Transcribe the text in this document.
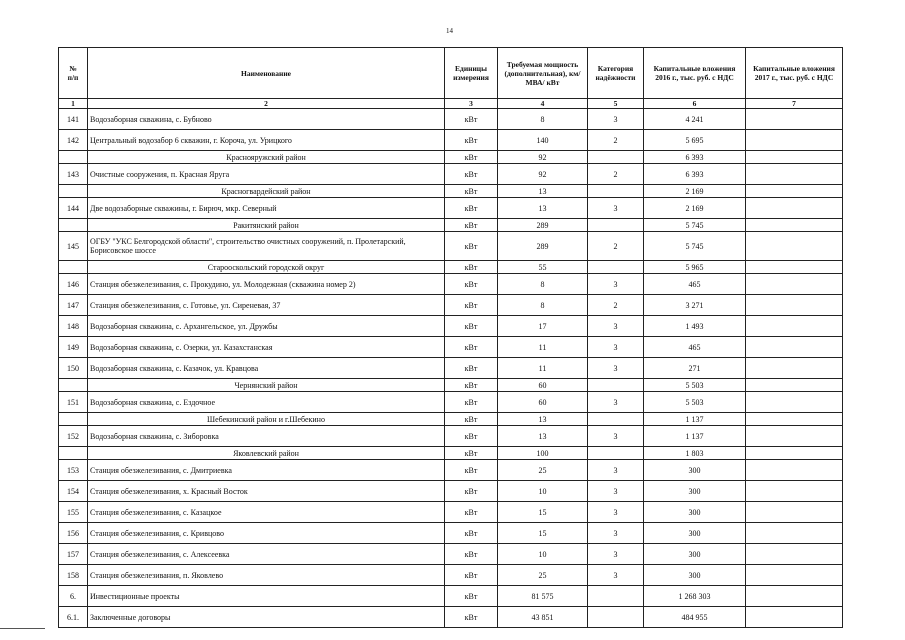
14
№
п/п	Наименование	Единицы измерения	Требуемая мощность (дополнительная), км/ МВА/ кВт	Категория надёжности	Капитальные вложения 2016 г., тыс. руб. с НДС	Капитальные вложения 2017 г., тыс. руб. с НДС
1	2	3	4	5	6	7
141	Водозаборная скважина, с. Бубново	кВт	8	3	4 241	
142	Центральный водозабор 6 скважин, г. Короча, ул. Урицкого	кВт	140	2	5 695	
	Краснояружский район	кВт	92		6 393	
143	Очистные сооружения, п. Красная Яруга	кВт	92	2	6 393	
	Красногвардейский район	кВт	13		2 169	
144	Две водозаборные скважины, г. Бирюч, мкр. Северный	кВт	13	3	2 169	
	Ракитянский район	кВт	289		5 745	
145	ОГБУ "УКС Белгородской области", строительство очистных сооружений, п. Пролетарский, Борисовское шоссе	кВт	289	2	5 745	
	Старооскольский городской округ	кВт	55		5 965	
146	Станция обезжелезивания, с. Прокудино, ул. Молодежная (скважина номер 2)	кВт	8	3	465	
147	Станция обезжелезивания, с. Готовье, ул. Сиреневая, 37	кВт	8	2	3 271	
148	Водозаборная скважина, с. Архангельское, ул. Дружбы	кВт	17	3	1 493	
149	Водозаборная скважина, с. Озерки, ул. Казахстанская	кВт	11	3	465	
150	Водозаборная скважина, с. Казачок, ул. Кравцова	кВт	11	3	271	
	Чернянский район	кВт	60		5 503	
151	Водозаборная скважина, с. Ездочное	кВт	60	3	5 503	
	Шебекинский район и г.Шебекино	кВт	13		1 137	
152	Водозаборная скважина, с. Зиборовка	кВт	13	3	1 137	
	Яковлевский район	кВт	100		1 803	
153	Станция обезжелезивания, с. Дмитриевка	кВт	25	3	300	
154	Станция обезжелезивания, х. Красный Восток	кВт	10	3	300	
155	Станция обезжелезивания, с. Казацкое	кВт	15	3	300	
156	Станция обезжелезивания, с. Кривцово	кВт	15	3	300	
157	Станция обезжелезивания, с. Алексеевка	кВт	10	3	300	
158	Станция обезжелезивания, п. Яковлево	кВт	25	3	300	
6.	Инвестиционные проекты	кВт	81 575		1 268 303	
6.1.	Заключенные договоры	кВт	43 851		484 955	
